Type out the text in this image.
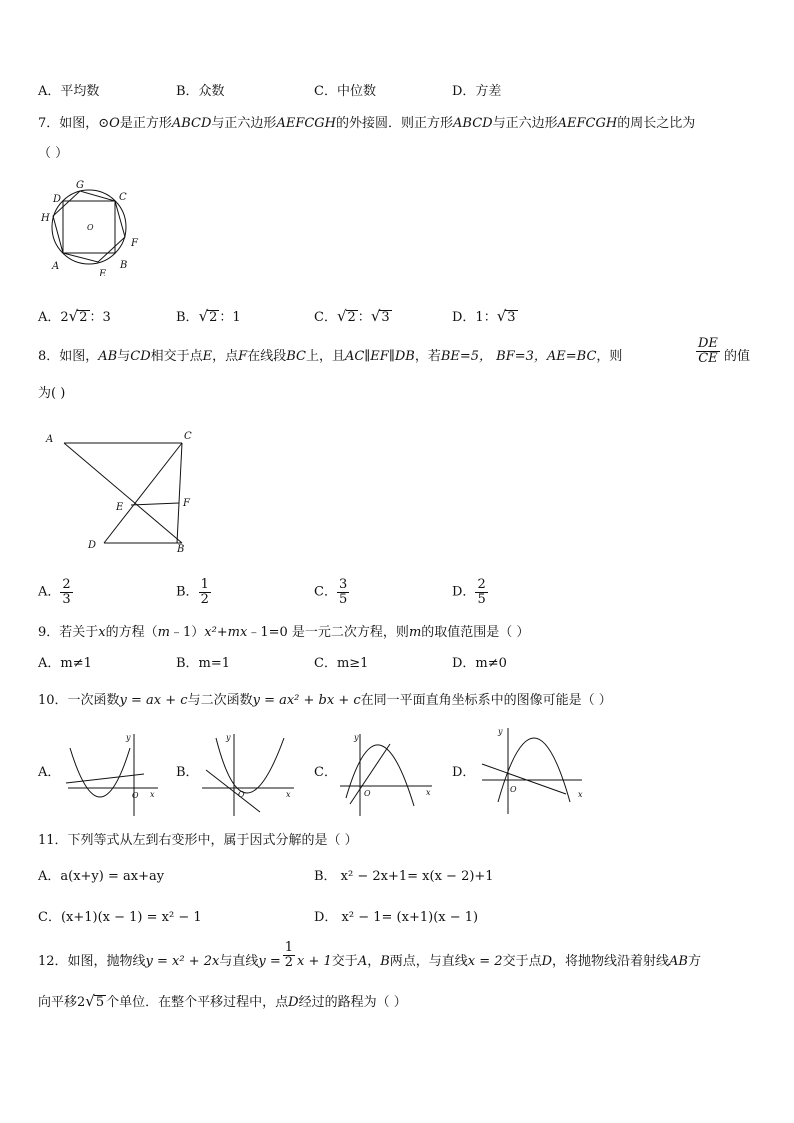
A．平均数	B．众数	C．中位数	D．方差
7．如图，⊙O是正方形ABCD与正六边形AEFCGH的外接圆．则正方形ABCD与正六边形AEFCGH的周长之比为
（ ）
D
G
C
H
O
F
A
E
B
A．2√2 ：3	B．√2 ：1	C．√2 ：√3	D．1：√3
8．如图，AB与CD相交于点E，点F在线段BC上，且AC∥EF∥DB，若BE=5， BF=3，AE=BC，则	$\frac{DE}{CE}$ 的值
为( )
A	C
E	F
D	B
A． $\frac{2}{3}$	B． $\frac{1}{2}$	C． $\frac{3}{5}$	D． $\frac{2}{5}$
9．若关于x的方程（m﹣1）x²+mx﹣1=0 是一元二次方程，则m的取值范围是（ ）
A．m≠1	B．m=1	C．m≥1	D．m≠0
10．一次函数y = ax + c与二次函数y = ax² + bx + c在同一平面直角坐标系中的图像可能是（ ）
A．
y
x
O
B．
y
x
O
C．
y
x
O
D．
y
x
O
11．下列等式从左到右变形中，属于因式分解的是（ ）
A．a(x+y) = ax+ay	B． x² − 2x+1= x(x − 2)+1
C．(x+1)(x − 1) = x² − 1	D． x² − 1= (x+1)(x − 1)
12．如图，抛物线y = x² + 2x与直线$y = \frac{1}{2}$ x + 1交于A，B两点，与直线x = 2交于点D，将抛物线沿着射线AB方
向平移2√5 个单位．在整个平移过程中，点D经过的路程为（ ）
